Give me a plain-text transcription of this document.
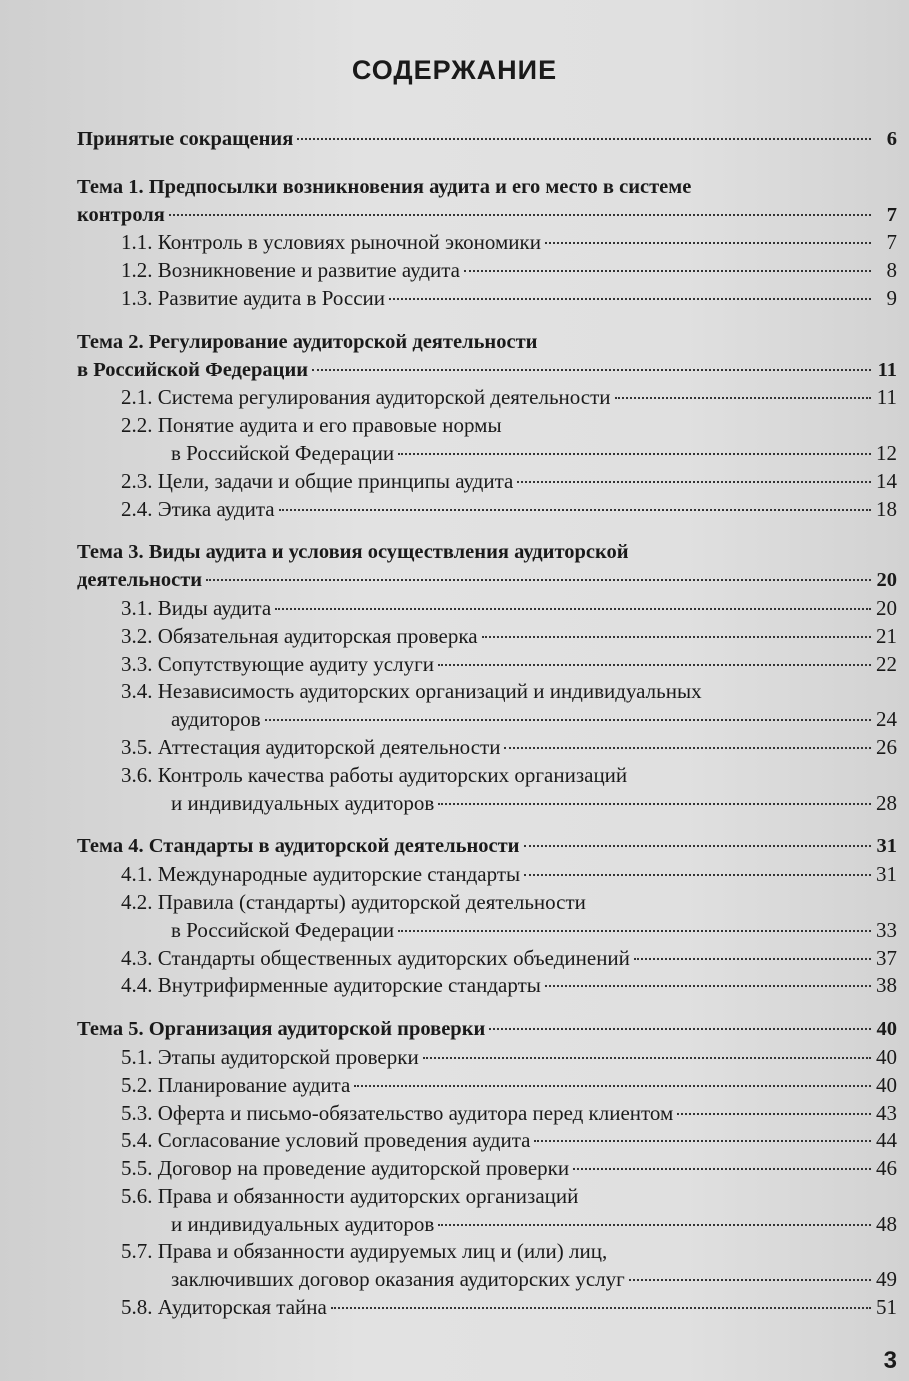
СОДЕРЖАНИЕ
Принятые сокращения	6
Тема 1. Предпосылки возникновения аудита и его место в системе
контроля	7
1.1. Контроль в условиях рыночной экономики	7
1.2. Возникновение и развитие аудита	8
1.3. Развитие аудита в России	9
Тема 2. Регулирование аудиторской деятельности
в Российской Федерации	11
2.1. Система регулирования аудиторской деятельности	11
2.2. Понятие аудита и его правовые нормы
в Российской Федерации	12
2.3. Цели, задачи и общие принципы аудита	14
2.4. Этика аудита	18
Тема 3. Виды аудита и условия осуществления аудиторской
деятельности	20
3.1. Виды аудита	20
3.2. Обязательная аудиторская проверка	21
3.3. Сопутствующие аудиту услуги	22
3.4. Независимость аудиторских организаций и индивидуальных
аудиторов	24
3.5. Аттестация аудиторской деятельности	26
3.6. Контроль качества работы аудиторских организаций
и индивидуальных аудиторов	28
Тема 4. Стандарты в аудиторской деятельности	31
4.1. Международные аудиторские стандарты	31
4.2. Правила (стандарты) аудиторской деятельности
в Российской Федерации	33
4.3. Стандарты общественных аудиторских объединений	37
4.4. Внутрифирменные аудиторские стандарты	38
Тема 5. Организация аудиторской проверки	40
5.1. Этапы аудиторской проверки	40
5.2. Планирование аудита	40
5.3. Оферта и письмо-обязательство аудитора перед клиентом	43
5.4. Согласование условий проведения аудита	44
5.5. Договор на проведение аудиторской проверки	46
5.6. Права и обязанности аудиторских организаций
и индивидуальных аудиторов	48
5.7. Права и обязанности аудируемых лиц и (или) лиц,
заключивших договор оказания аудиторских услуг	49
5.8. Аудиторская тайна	51
3
